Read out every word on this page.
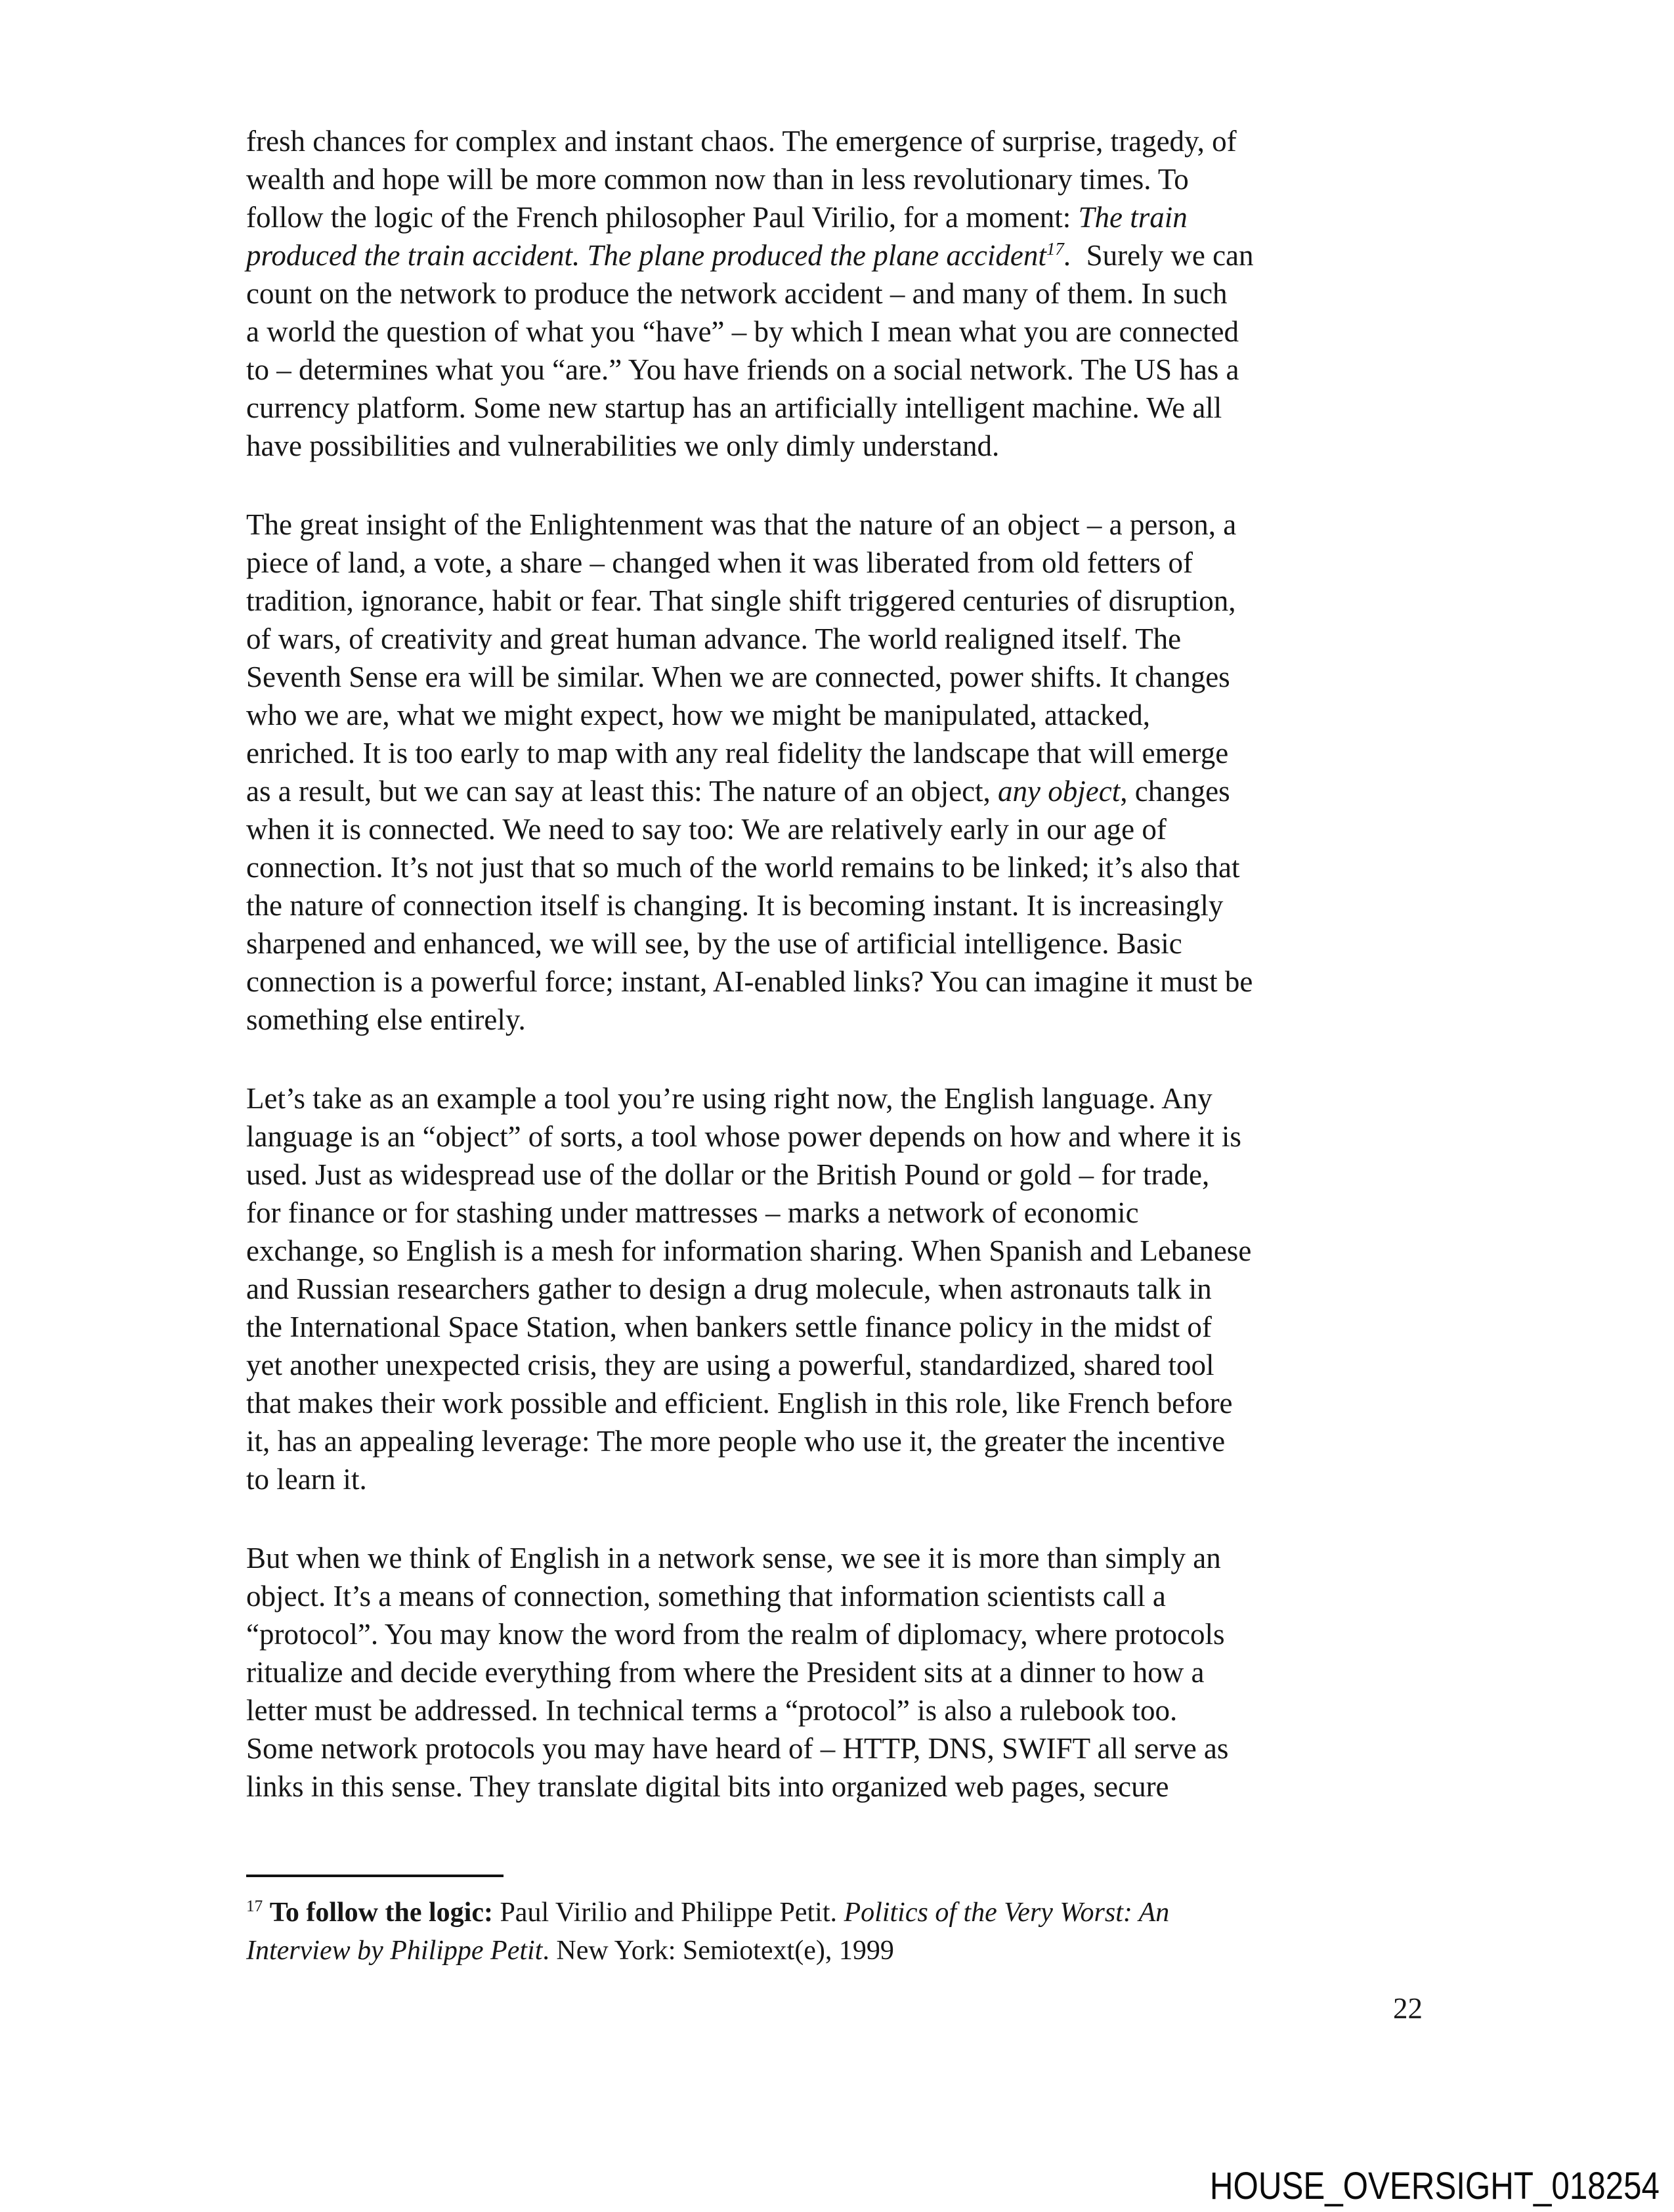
fresh chances for complex and instant chaos. The emergence of surprise, tragedy, of
wealth and hope will be more common now than in less revolutionary times. To
follow the logic of the French philosopher Paul Virilio, for a moment: The train
produced the train accident. The plane produced the plane accident$^{17}$.  Surely we can
count on the network to produce the network accident – and many of them. In such
a world the question of what you “have” – by which I mean what you are connected
to – determines what you “are.” You have friends on a social network. The US has a
currency platform. Some new startup has an artificially intelligent machine. We all
have possibilities and vulnerabilities we only dimly understand.
The great insight of the Enlightenment was that the nature of an object – a person, a
piece of land, a vote, a share – changed when it was liberated from old fetters of
tradition, ignorance, habit or fear. That single shift triggered centuries of disruption,
of wars, of creativity and great human advance. The world realigned itself. The
Seventh Sense era will be similar. When we are connected, power shifts. It changes
who we are, what we might expect, how we might be manipulated, attacked,
enriched. It is too early to map with any real fidelity the landscape that will emerge
as a result, but we can say at least this: The nature of an object, any object, changes
when it is connected. We need to say too: We are relatively early in our age of
connection. It’s not just that so much of the world remains to be linked; it’s also that
the nature of connection itself is changing. It is becoming instant. It is increasingly
sharpened and enhanced, we will see, by the use of artificial intelligence. Basic
connection is a powerful force; instant, AI-enabled links? You can imagine it must be
something else entirely.
Let’s take as an example a tool you’re using right now, the English language. Any
language is an “object” of sorts, a tool whose power depends on how and where it is
used. Just as widespread use of the dollar or the British Pound or gold – for trade,
for finance or for stashing under mattresses – marks a network of economic
exchange, so English is a mesh for information sharing. When Spanish and Lebanese
and Russian researchers gather to design a drug molecule, when astronauts talk in
the International Space Station, when bankers settle finance policy in the midst of
yet another unexpected crisis, they are using a powerful, standardized, shared tool
that makes their work possible and efficient. English in this role, like French before
it, has an appealing leverage: The more people who use it, the greater the incentive
to learn it.
But when we think of English in a network sense, we see it is more than simply an
object. It’s a means of connection, something that information scientists call a
“protocol”. You may know the word from the realm of diplomacy, where protocols
ritualize and decide everything from where the President sits at a dinner to how a
letter must be addressed. In technical terms a “protocol” is also a rulebook too.
Some network protocols you may have heard of – HTTP, DNS, SWIFT all serve as
links in this sense. They translate digital bits into organized web pages, secure
$^{17}$ To follow the logic: Paul Virilio and Philippe Petit. Politics of the Very Worst: An
Interview by Philippe Petit. New York: Semiotext(e), 1999
22
HOUSE_OVERSIGHT_018254
